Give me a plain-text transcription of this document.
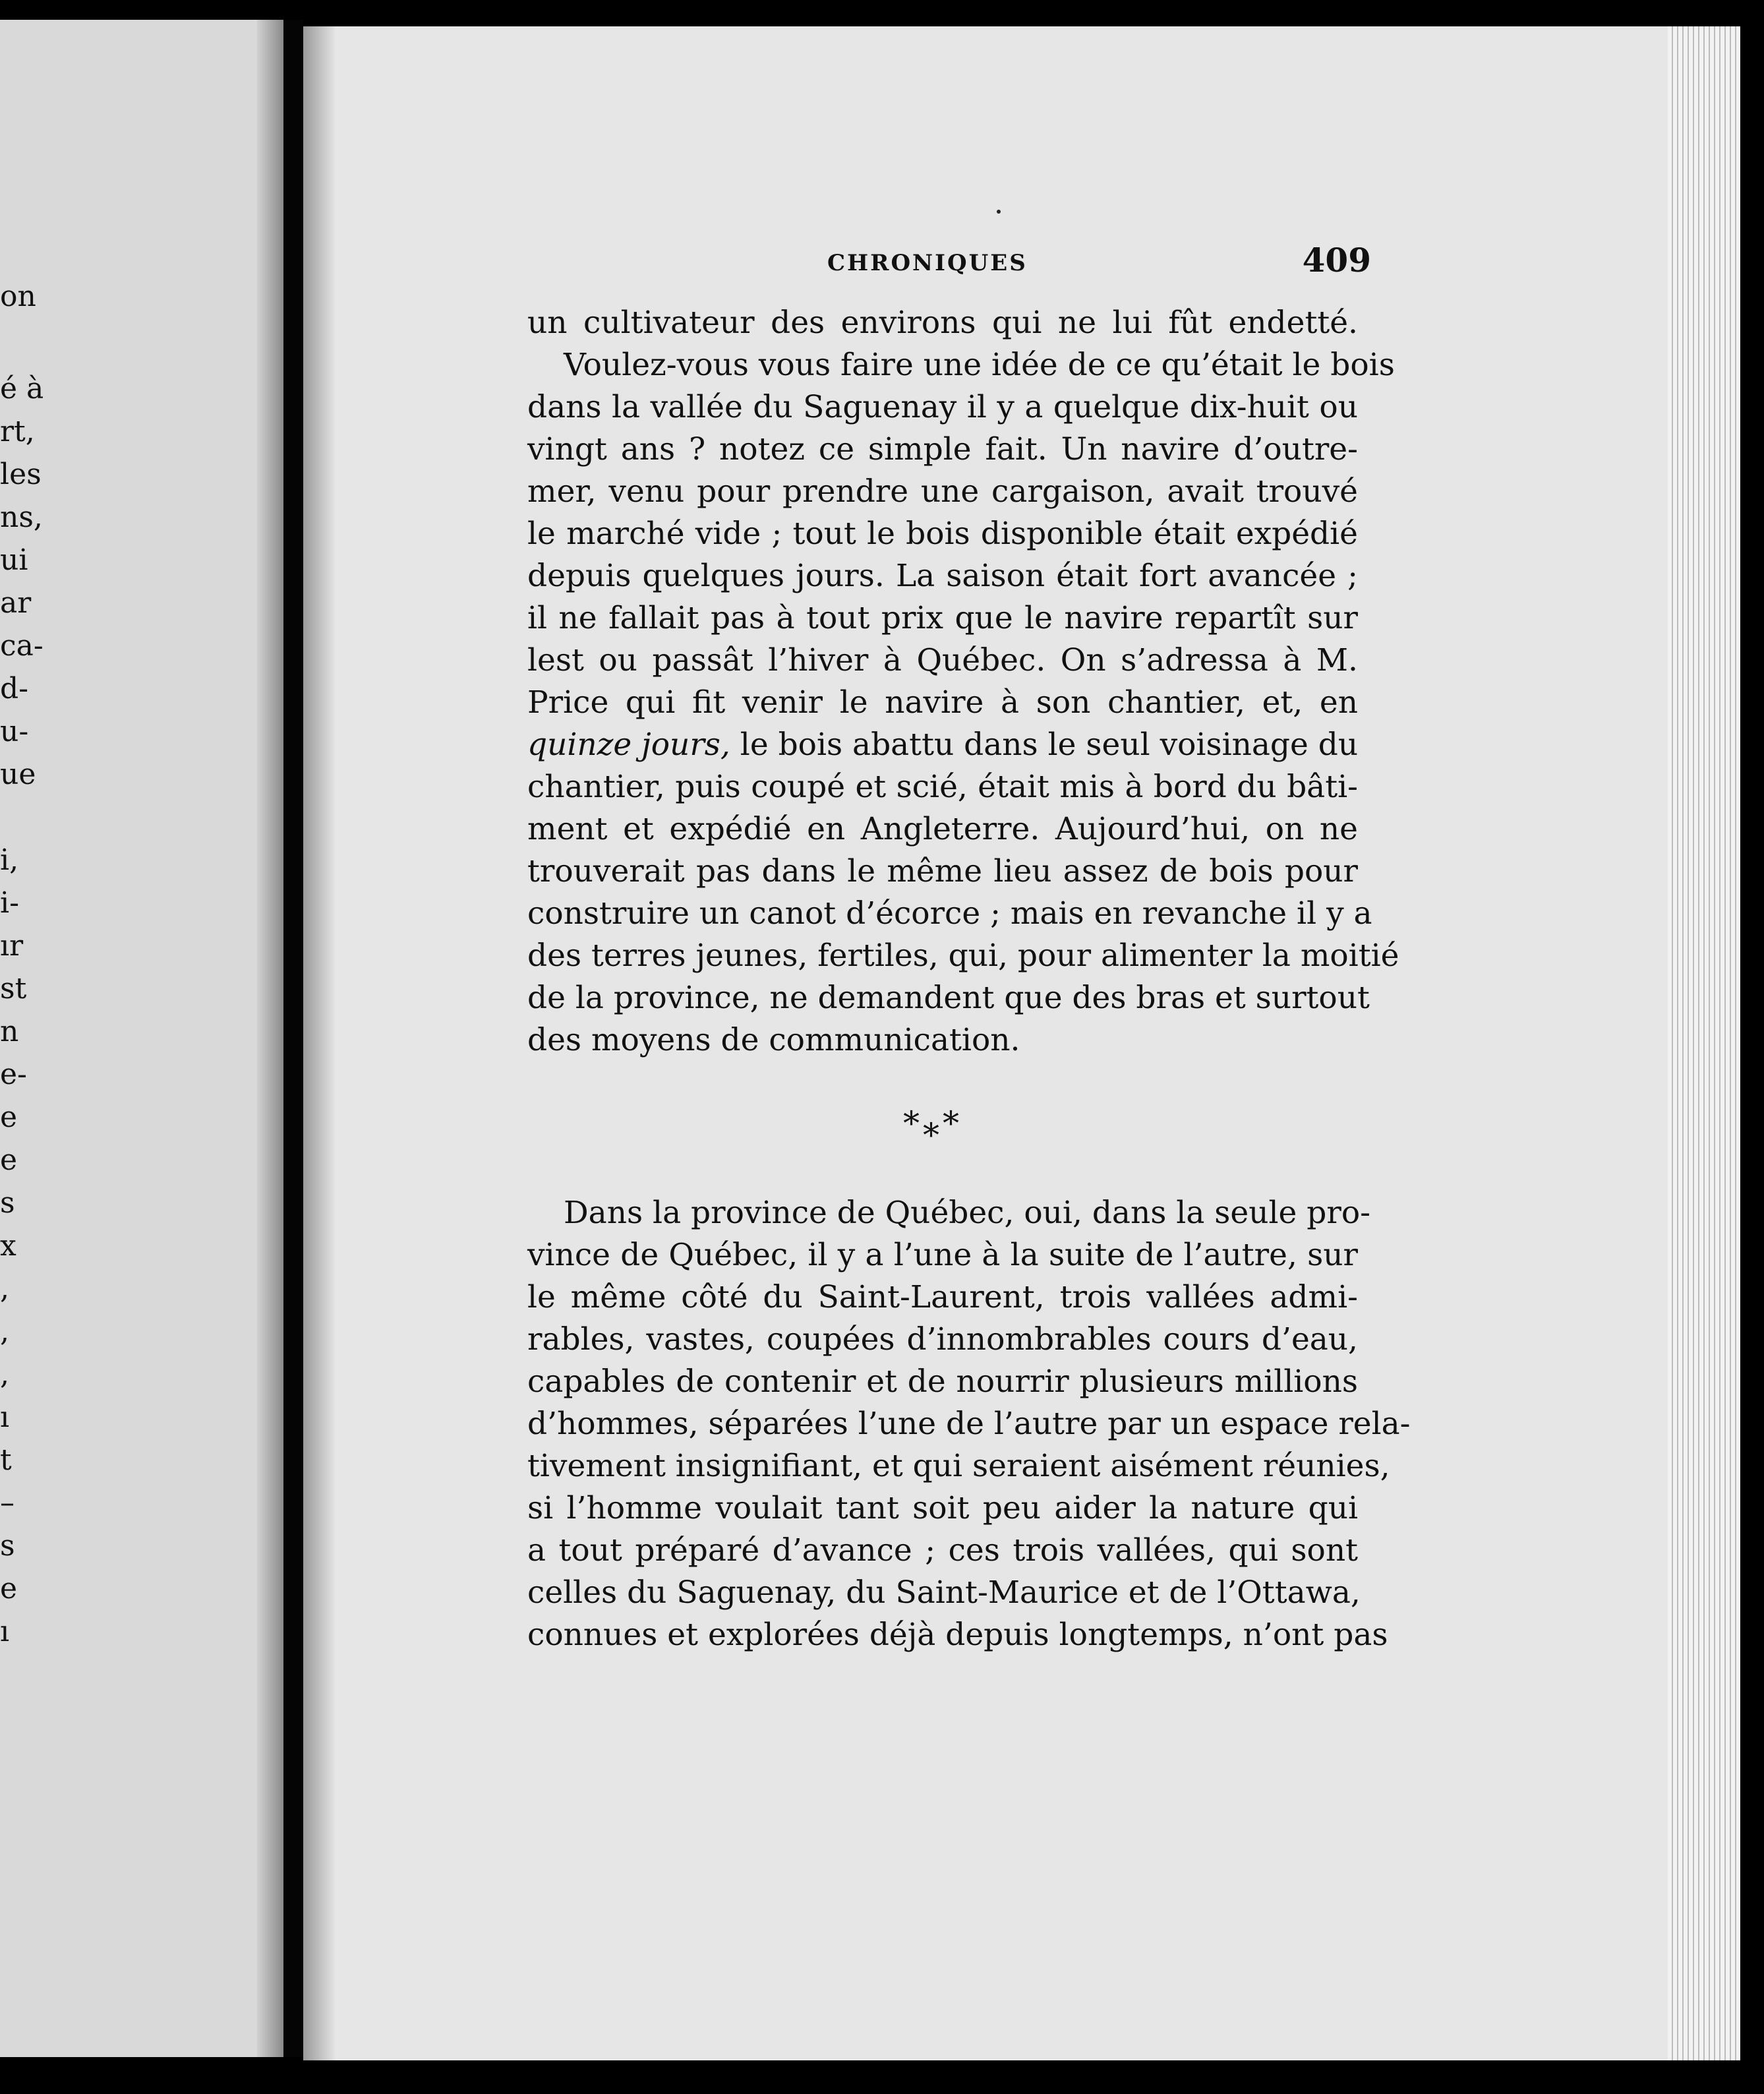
on
é à
rt,
les
ns,
ui
ar
ca-
d-
u-
ue
i,
i-
ır
st
n
e-
e
e
s
x
,
,
,
ı
t
–
s
e
ı
CHRONIQUES	409
un cultivateur des environs qui ne lui fût endetté.
Voulez-vous vous faire une idée de ce qu’était le bois
dans la vallée du Saguenay il y a quelque dix-huit ou
vingt ans ? notez ce simple fait. Un navire d’outre-
mer, venu pour prendre une cargaison, avait trouvé
le marché vide ; tout le bois disponible était expédié
depuis quelques jours. La saison était fort avancée ;
il ne fallait pas à tout prix que le navire repartît sur
lest ou passât l’hiver à Québec. On s’adressa à M.
Price qui fit venir le navire à son chantier, et, en
quinze jours, le bois abattu dans le seul voisinage du
chantier, puis coupé et scié, était mis à bord du bâti-
ment et expédié en Angleterre. Aujourd’hui, on ne
trouverait pas dans le même lieu assez de bois pour
construire un canot d’écorce ; mais en revanche il y a
des terres jeunes, fertiles, qui, pour alimenter la moitié
de la province, ne demandent que des bras et surtout
des moyens de communication.
* * *
Dans la province de Québec, oui, dans la seule pro-
vince de Québec, il y a l’une à la suite de l’autre, sur
le même côté du Saint-Laurent, trois vallées admi-
rables, vastes, coupées d’innombrables cours d’eau,
capables de contenir et de nourrir plusieurs millions
d’hommes, séparées l’une de l’autre par un espace rela-
tivement insignifiant, et qui seraient aisément réunies,
si l’homme voulait tant soit peu aider la nature qui
a tout préparé d’avance ; ces trois vallées, qui sont
celles du Saguenay, du Saint-Maurice et de l’Ottawa,
connues et explorées déjà depuis longtemps, n’ont pas
